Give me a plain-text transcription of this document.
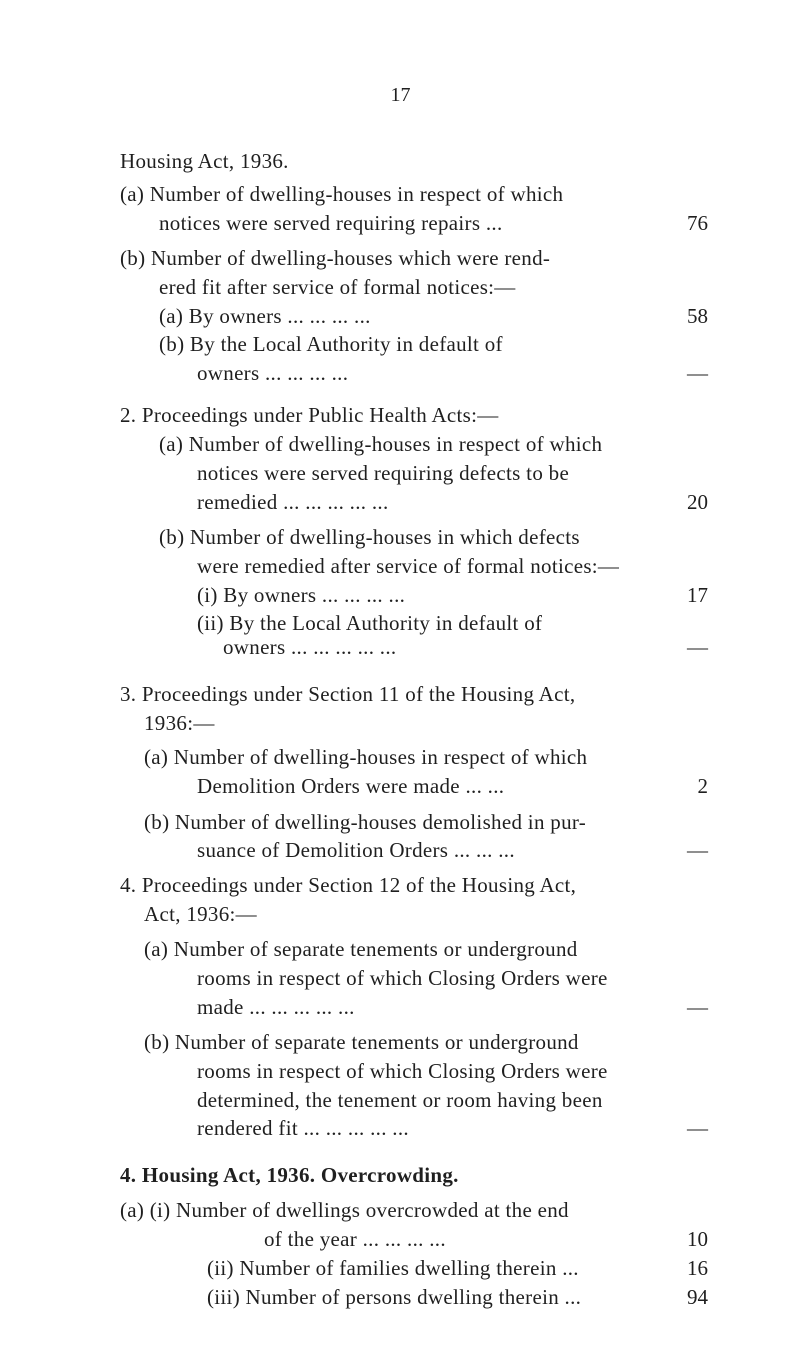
17
Housing Act, 1936.
(a) Number of dwelling-houses in respect of which
notices were served requiring repairs ...	76
(b) Number of dwelling-houses which were rend-
ered fit after service of formal notices:—
(a) By owners ... ... ... ...	58
(b) By the Local Authority in default of
owners ... ... ... ...	—
2. Proceedings under Public Health Acts:—
(a) Number of dwelling-houses in respect of which
notices were served requiring defects to be
remedied ... ... ... ... ...	20
(b) Number of dwelling-houses in which defects
were remedied after service of formal notices:—
(i) By owners ... ... ... ...	17
(ii) By the Local Authority in default of
owners ... ... ... ... ...	—
3. Proceedings under Section 11 of the Housing Act,
1936:—
(a) Number of dwelling-houses in respect of which
Demolition Orders were made ... ...	2
(b) Number of dwelling-houses demolished in pur-
suance of Demolition Orders ... ... ...	—
4. Proceedings under Section 12 of the Housing Act,
Act, 1936:—
(a) Number of separate tenements or underground
rooms in respect of which Closing Orders were
made ... ... ... ... ...	—
(b) Number of separate tenements or underground
rooms in respect of which Closing Orders were
determined, the tenement or room having been
rendered fit ... ... ... ... ...	—
4. Housing Act, 1936. Overcrowding.
(a) (i) Number of dwellings overcrowded at the end
of the year ... ... ... ...	10
(ii) Number of families dwelling therein ...	16
(iii) Number of persons dwelling therein ...	94
